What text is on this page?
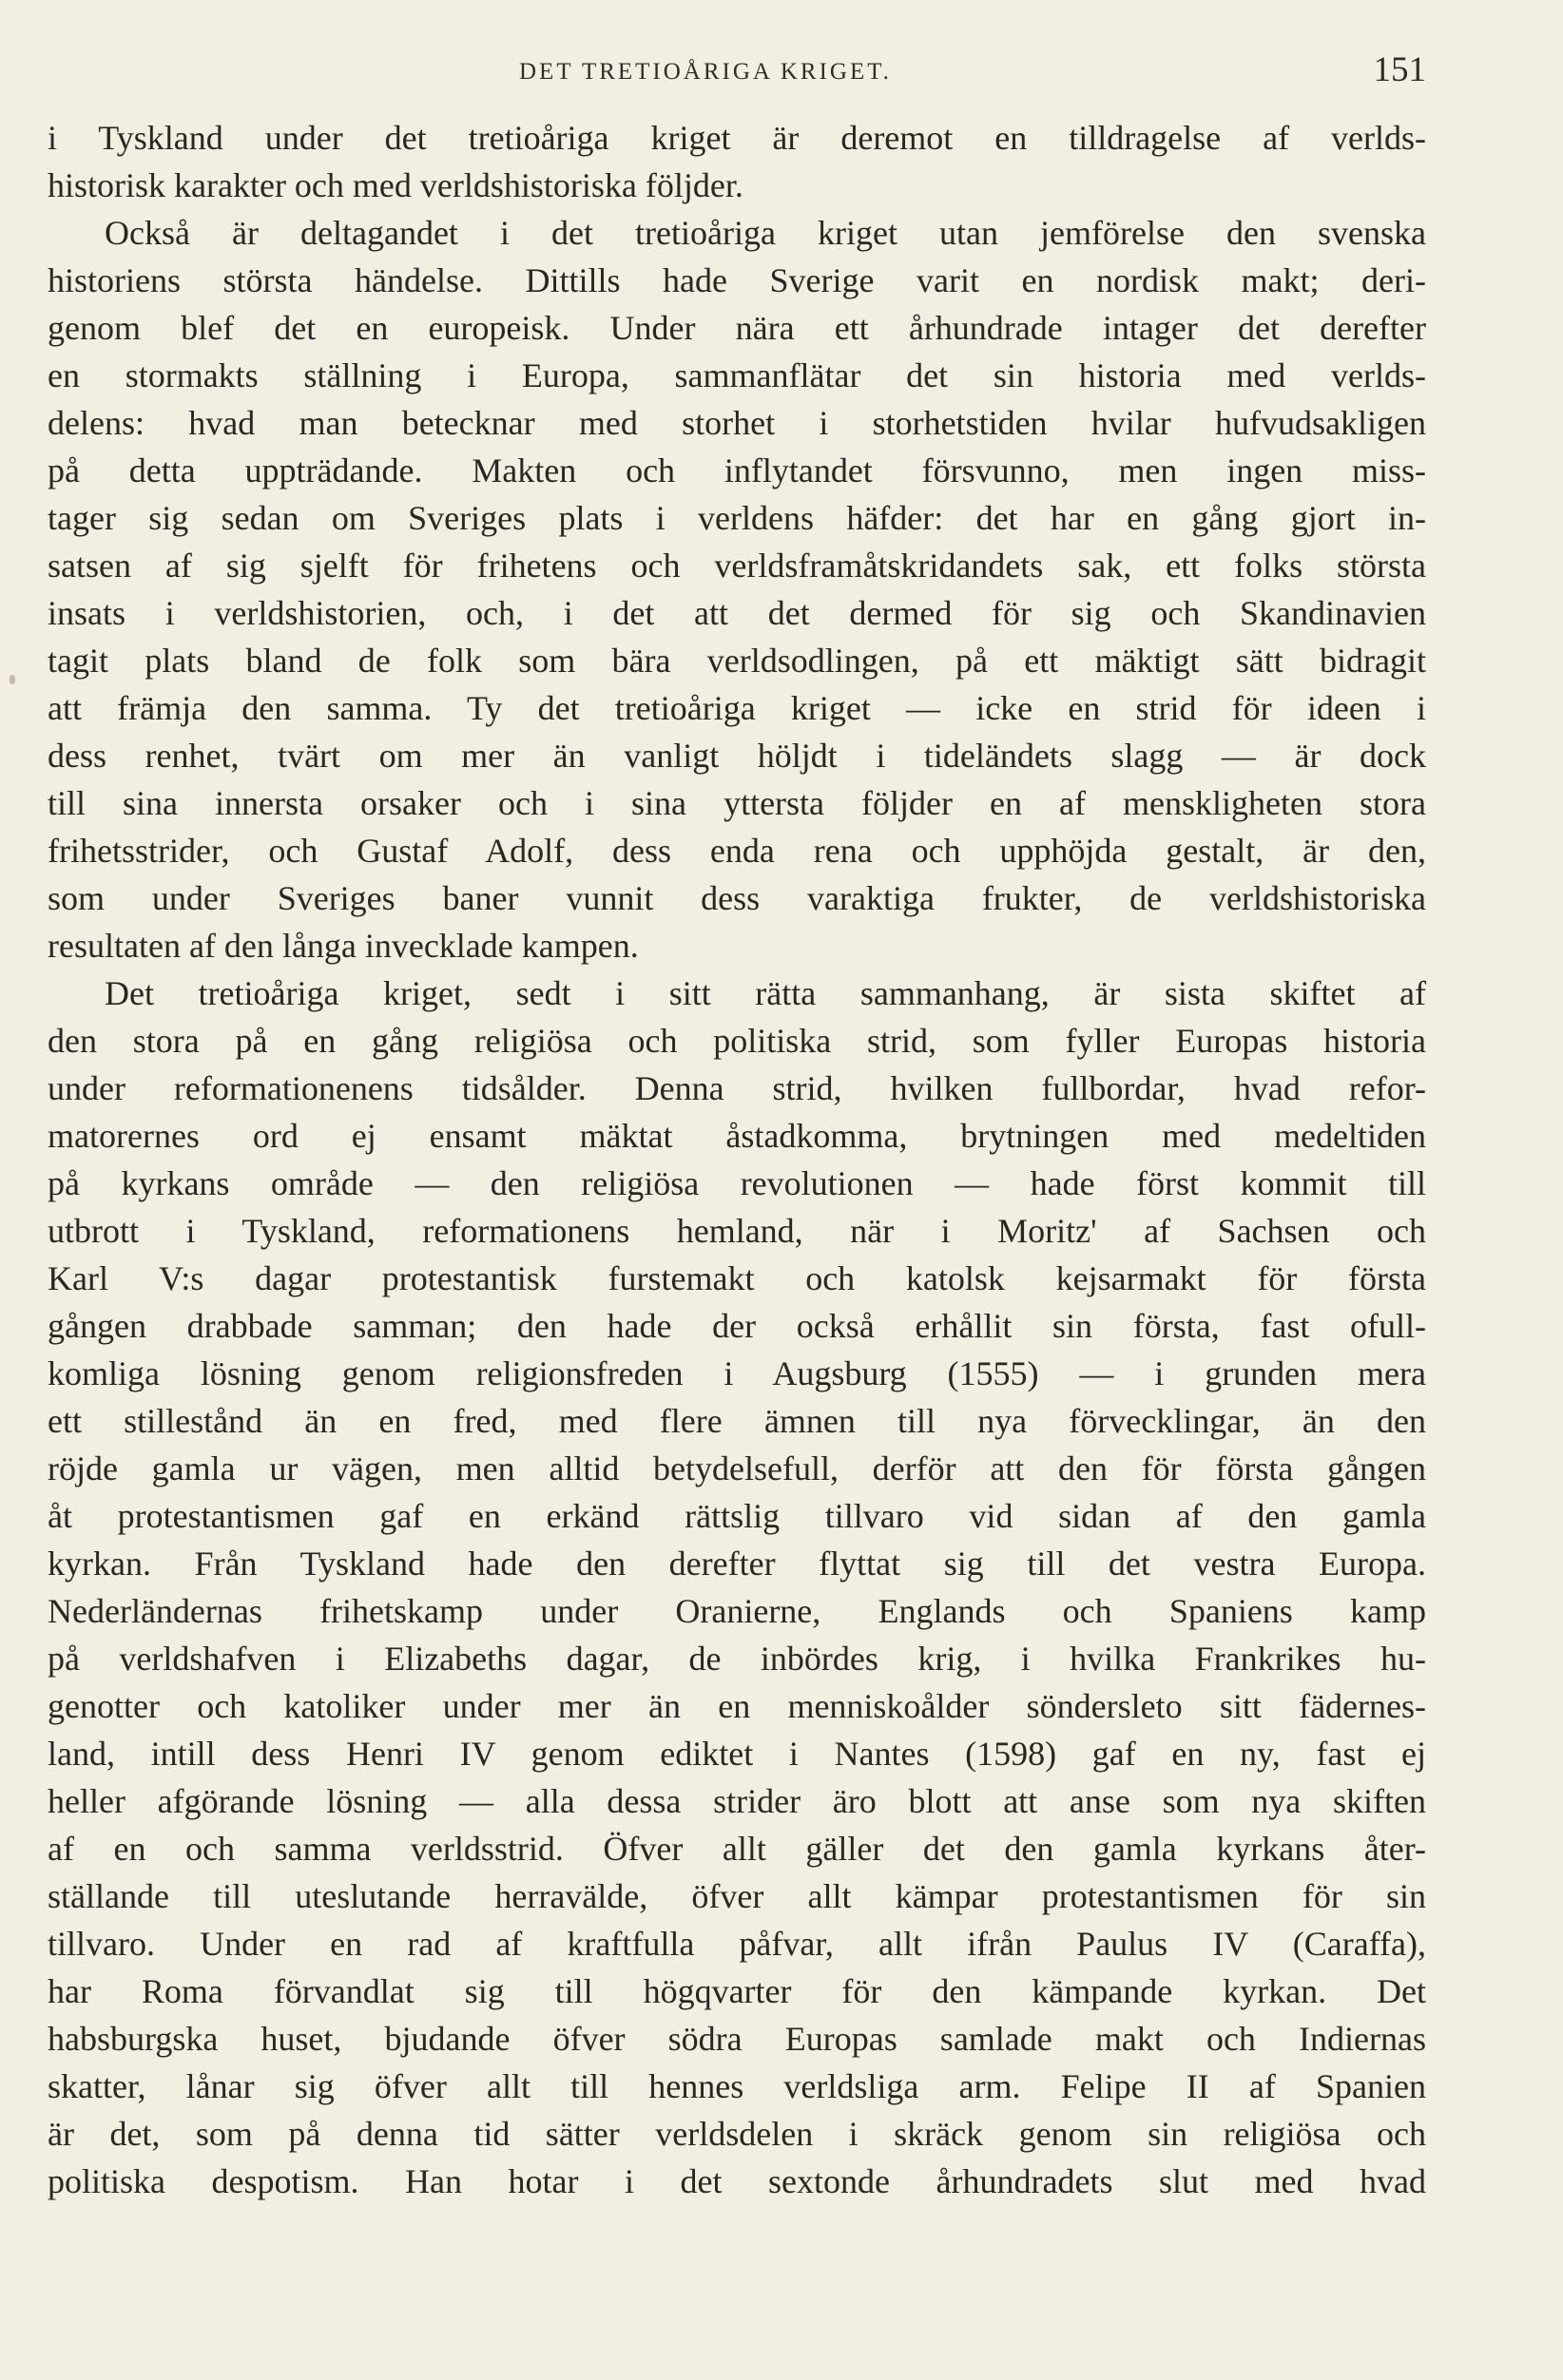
DET TRETIOÅRIGA KRIGET.	151
i Tyskland under det tretioåriga kriget är deremot en tilldragelse af verlds-
historisk karakter och med verldshistoriska följder.
Också är deltagandet i det tretioåriga kriget utan jemförelse den svenska
historiens största händelse. Dittills hade Sverige varit en nordisk makt; deri-
genom blef det en europeisk. Under nära ett århundrade intager det derefter
en stormakts ställning i Europa, sammanflätar det sin historia med verlds-
delens: hvad man betecknar med storhet i storhetstiden hvilar hufvudsakligen
på detta uppträdande. Makten och inflytandet försvunno, men ingen miss-
tager sig sedan om Sveriges plats i verldens häfder: det har en gång gjort in-
satsen af sig sjelft för frihetens och verldsframåtskridandets sak, ett folks största
insats i verldshistorien, och, i det att det dermed för sig och Skandinavien
tagit plats bland de folk som bära verldsodlingen, på ett mäktigt sätt bidragit
att främja den samma. Ty det tretioåriga kriget — icke en strid för ideen i
dess renhet, tvärt om mer än vanligt höljdt i tideländets slagg — är dock
till sina innersta orsaker och i sina yttersta följder en af menskligheten stora
frihetsstrider, och Gustaf Adolf, dess enda rena och upphöjda gestalt, är den,
som under Sveriges baner vunnit dess varaktiga frukter, de verldshistoriska
resultaten af den långa invecklade kampen.
Det tretioåriga kriget, sedt i sitt rätta sammanhang, är sista skiftet af
den stora på en gång religiösa och politiska strid, som fyller Europas historia
under reformationenens tidsålder. Denna strid, hvilken fullbordar, hvad refor-
matorernes ord ej ensamt mäktat åstadkomma, brytningen med medeltiden
på kyrkans område — den religiösa revolutionen — hade först kommit till
utbrott i Tyskland, reformationens hemland, när i Moritz' af Sachsen och
Karl V:s dagar protestantisk furstemakt och katolsk kejsarmakt för första
gången drabbade samman; den hade der också erhållit sin första, fast ofull-
komliga lösning genom religionsfreden i Augsburg (1555) — i grunden mera
ett stillestånd än en fred, med flere ämnen till nya förvecklingar, än den
röjde gamla ur vägen, men alltid betydelsefull, derför att den för första gången
åt protestantismen gaf en erkänd rättslig tillvaro vid sidan af den gamla
kyrkan. Från Tyskland hade den derefter flyttat sig till det vestra Europa.
Nederländernas frihetskamp under Oranierne, Englands och Spaniens kamp
på verldshafven i Elizabeths dagar, de inbördes krig, i hvilka Frankrikes hu-
genotter och katoliker under mer än en menniskoålder söndersleto sitt fädernes-
land, intill dess Henri IV genom ediktet i Nantes (1598) gaf en ny, fast ej
heller afgörande lösning — alla dessa strider äro blott att anse som nya skiften
af en och samma verldsstrid. Öfver allt gäller det den gamla kyrkans åter-
ställande till uteslutande herravälde, öfver allt kämpar protestantismen för sin
tillvaro. Under en rad af kraftfulla påfvar, allt ifrån Paulus IV (Caraffa),
har Roma förvandlat sig till högqvarter för den kämpande kyrkan. Det
habsburgska huset, bjudande öfver södra Europas samlade makt och Indiernas
skatter, lånar sig öfver allt till hennes verldsliga arm. Felipe II af Spanien
är det, som på denna tid sätter verldsdelen i skräck genom sin religiösa och
politiska despotism. Han hotar i det sextonde århundradets slut med hvad
